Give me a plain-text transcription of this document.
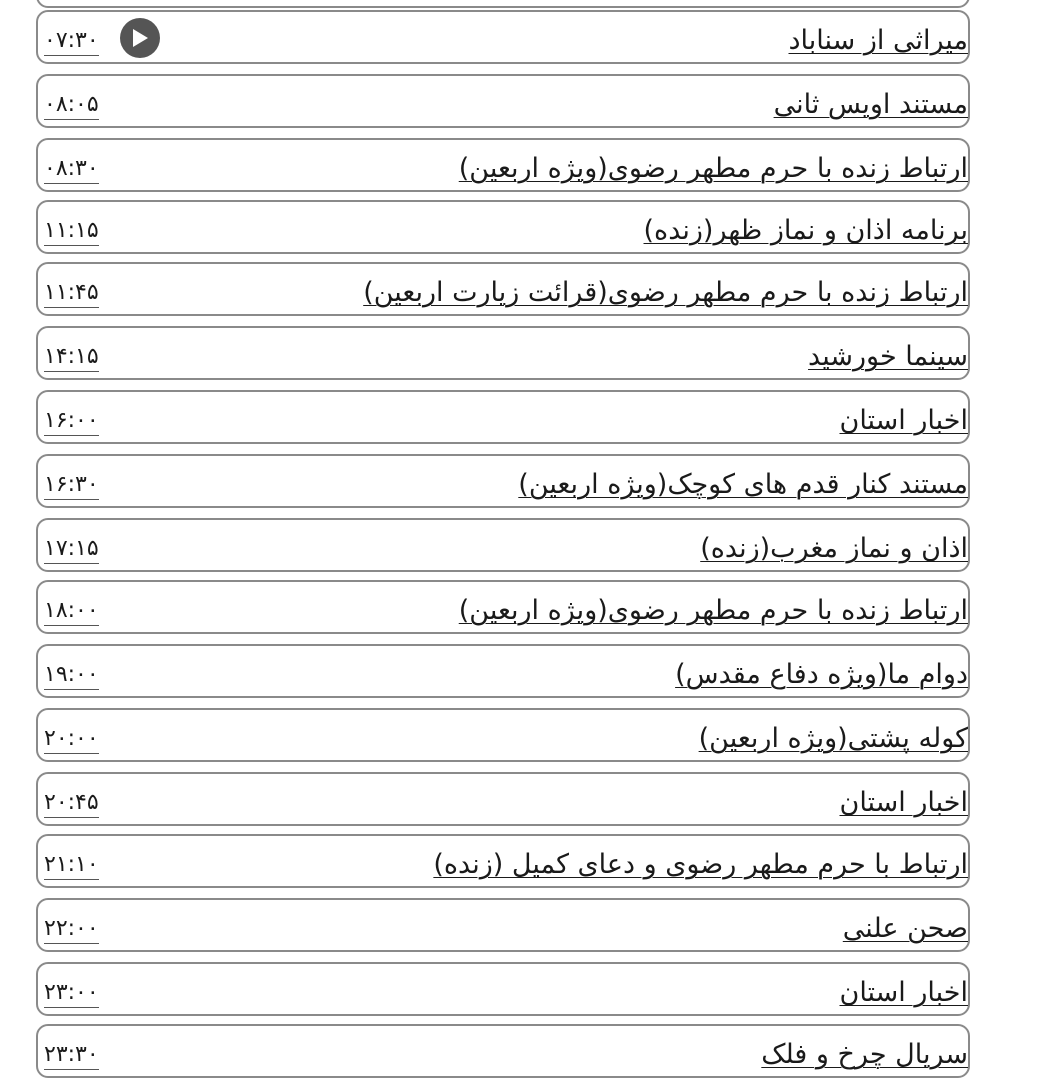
میراثی از سناباد
۰۷:۳۰
مستند اویس ثانی
۰۸:۰۵
ارتباط زنده با حرم مطهر رضوی(ویژه اربعین)
۰۸:۳۰
برنامه اذان و نماز ظهر(زنده)
۱۱:۱۵
ارتباط زنده با حرم مطهر رضوی(قرائت زیارت اربعین)
۱۱:۴۵
سینما خورشید
۱۴:۱۵
اخبار استان
۱۶:۰۰
مستند کنار قدم های کوچک(ویژه اربعین)
۱۶:۳۰
اذان و نماز مغرب(زنده)
۱۷:۱۵
ارتباط زنده با حرم مطهر رضوی(ویژه اربعین)
۱۸:۰۰
دوام ما(ویژه دفاع مقدس)
۱۹:۰۰
کوله پشتی(ویژه اربعین)
۲۰:۰۰
اخبار استان
۲۰:۴۵
ارتباط با حرم مطهر رضوی و دعای کمیل (زنده)
۲۱:۱۰
صحن علنی
۲۲:۰۰
اخبار استان
۲۳:۰۰
سریال چرخ و فلک
۲۳:۳۰
